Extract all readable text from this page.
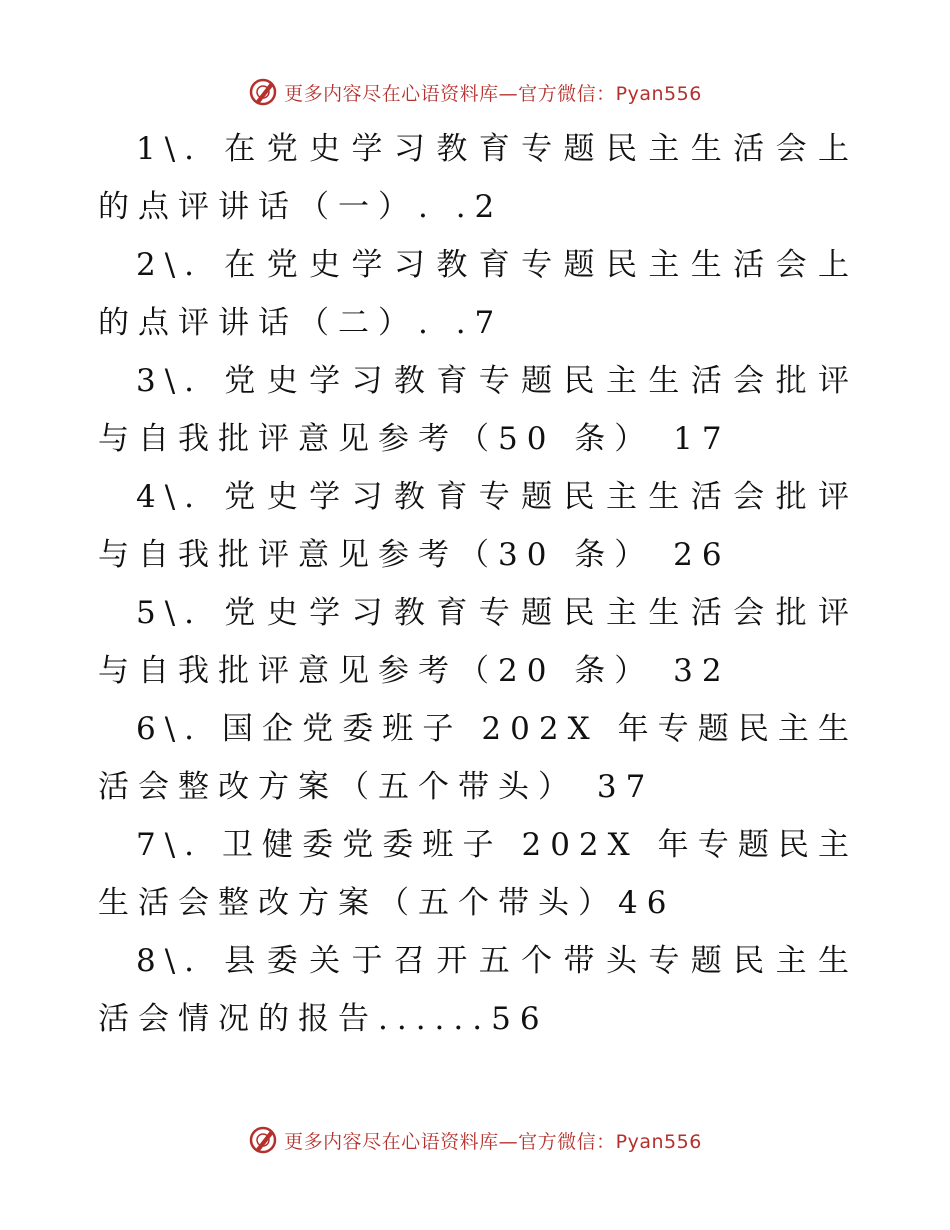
更多内容尽在心语资料库—官方微信：Pyan556
1\. 在党史学习教育专题民主生活会上的点评讲话（一）. .2
2\. 在党史学习教育专题民主生活会上的点评讲话（二）. .7
3\. 党史学习教育专题民主生活会批评与自我批评意见参考（50 条） 17
4\. 党史学习教育专题民主生活会批评与自我批评意见参考（30 条） 26
5\. 党史学习教育专题民主生活会批评与自我批评意见参考（20 条） 32
6\. 国企党委班子 202X 年专题民主生活会整改方案（五个带头） 37
7\. 卫健委党委班子 202X 年专题民主生活会整改方案（五个带头）46
8\. 县委关于召开五个带头专题民主生活会情况的报告......56
更多内容尽在心语资料库—官方微信：Pyan556
